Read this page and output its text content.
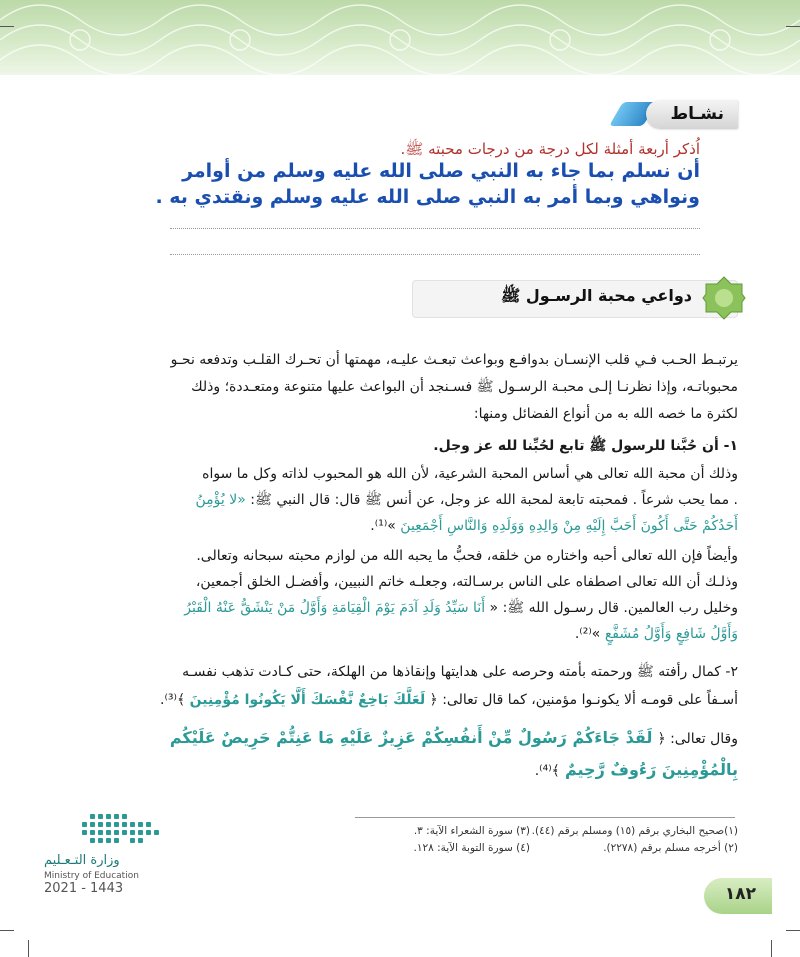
نشـاط
اُذكر أربعة أمثلة لكل درجة من درجات محبته ﷺ.
أن نسلم بما جاء به النبي صلى الله عليه وسلم من أوامر
ونواهي وبما أمر به النبي صلى الله عليه وسلم ونقتدي به .
دواعي محبة الرسـول ﷺ
يرتبـط الحـب فـي قلب الإنسـان بدوافـع وبواعث تبعـث عليـه، مهمتها أن تحـرك القلـب وتدفعه نحـو
محبوباتـه، وإذا نظرنـا إلـى محبـة الرسـول ﷺ فسـنجد أن البواعث عليها متنوعة ومتعـددة؛ وذلك
لكثرة ما خصه الله به من أنواع الفضائل ومنها:
١- أن حُبَّنا للرسول ﷺ تابع لحُبِّنا لله عز وجل.
وذلك أن محبة الله تعالى هي أساس المحبة الشرعية، لأن الله هو المحبوب لذاته وكل ما سواه
. مما يحب شرعاً . فمحبته تابعة لمحبة الله عز وجل، عن أنس ﷺ قال: قال النبي ﷺ: «لا يُؤْمِنُ
أَحَدُكُمْ حَتَّى أَكُونَ أَحَبَّ إِلَيْهِ مِنْ وَالِدِهِ وَوَلَدِهِ وَالنَّاسِ أَجْمَعِينَ »⁽¹⁾.
وأيضاً فإن الله تعالى أحبه واختاره من خلقه، فحبُّ ما يحبه الله من لوازم محبته سبحانه وتعالى.
وذلـك أن الله تعالى اصطفاه على الناس برسـالته، وجعلـه خاتم النبيين، وأفضـل الخلق أجمعين،
وخليل رب العالمين. قال رسـول الله ﷺ: « أَنَا سَيِّدُ وَلَدِ آدَمَ يَوْمَ الْقِيَامَةِ وَأَوَّلُ مَنْ يَنْشَقُّ عَنْهُ الْقَبْرُ
وَأَوَّلُ شَافِعٍ وَأَوَّلُ مُشَفَّعٍ »⁽²⁾.
٢- كمال رأفته ﷺ ورحمته بأمته وحرصه على هدايتها وإنقاذها من الهلكة، حتى كـادت تذهب نفسـه
أسـفاً على قومـه ألا يكونـوا مؤمنين، كما قال تعالى: ﴿ لَعَلَّكَ بَاخِعٌ نَّفْسَكَ أَلَّا يَكُونُوا مُؤْمِنِينَ ﴾⁽³⁾.
وقال تعالى: ﴿ لَقَدْ جَاءَكُمْ رَسُولٌ مِّنْ أَنفُسِكُمْ عَزِيزٌ عَلَيْهِ مَا عَنِتُّمْ حَرِيصٌ عَلَيْكُم
بِالْمُؤْمِنِينَ رَءُوفٌ رَّحِيمٌ ﴾⁽⁴⁾.
(١)صحيح البخاري برقم (١٥) ومسلم برقم (٤٤).
(٢) أخرجه مسلم برقم (٢٢٧٨).
(٣) سورة الشعراء الآية: ٣.
(٤) سورة التوبة الآية: ١٢٨.
وزارة التـعـليم
Ministry of Education
2021 - 1443	١٨٢
